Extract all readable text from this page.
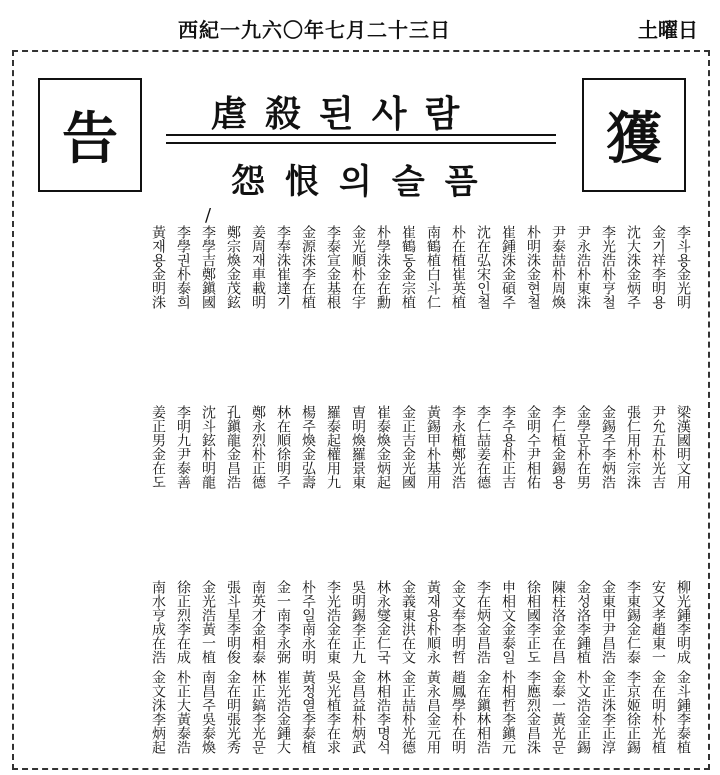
西紀一九六〇年七月二十三日	土曜日
告	虐殺된사람
怨恨의슬픔
獲
/
李斗용金光明
金기祥李明용
沈大洙金炳주
李光浩朴亨철
尹永浩朴東洙
尹泰喆朴周煥
朴明洙金현철
崔鍾洙金碩주
沈在弘宋인철
朴在植崔英植
南鶴植白斗仁
崔鶴동金宗植
朴學洙金在勳
金光順朴在宇
李泰宣金基根
金源洙李在植
李奉洙崔達기
姜周재車載明
鄭宗煥金茂鉉
李學吉鄭鎭國
李學권朴泰희
黃재용金明洙
梁漢國明文用
尹允五朴光吉
張仁用朴宗洙
金錫주李炳浩
金學문朴在男
李仁植金錫용
金明수尹相佑
李주용朴正吉
李仁喆姜在德
李永植鄭光浩
黃錫甲朴基用
金正吉金光國
崔泰煥金炳起
曺明煥羅景東
羅泰起權用九
楊주煥金弘壽
林在順徐明주
鄭永烈朴正德
孔鎭龍金昌浩
沈斗鉉朴明龍
李明九尹泰善
姜正男金在도
柳光鍾李明成
安又孝趙東一
李東錫金仁泰
金東甲尹昌浩
金성洛李鍾植
陳柱洛金在昌
徐相國李正도
申相文金泰일
李在炳金昌浩
金文奉李明哲
黃재용朴順永
金義東洪在文
林永燮金仁국
吳明錫李正九
李光浩金在東
朴주일南永明
金一南李永弼
南英才金相泰
張斗星李明俊
金光浩黃一植
徐正烈李在成
南水亨成在浩
金斗鍾李泰植
金在明朴光植
李京姬徐正錫
金正洙李正淳
朴文浩金正錫
金泰一黃光문
李應烈金昌洙
朴相哲李鎭元
金在鎭林相浩
趙鳳學朴在明
黃永昌金元用
金正喆朴光德
林相浩李명석
金昌益朴炳武
吳光植李在求
黃정열李泰植
崔光浩金鍾大
林正鎬李光문
金在明張光秀
南昌주吳泰煥
朴正大黃泰浩
金文洙李炳起
